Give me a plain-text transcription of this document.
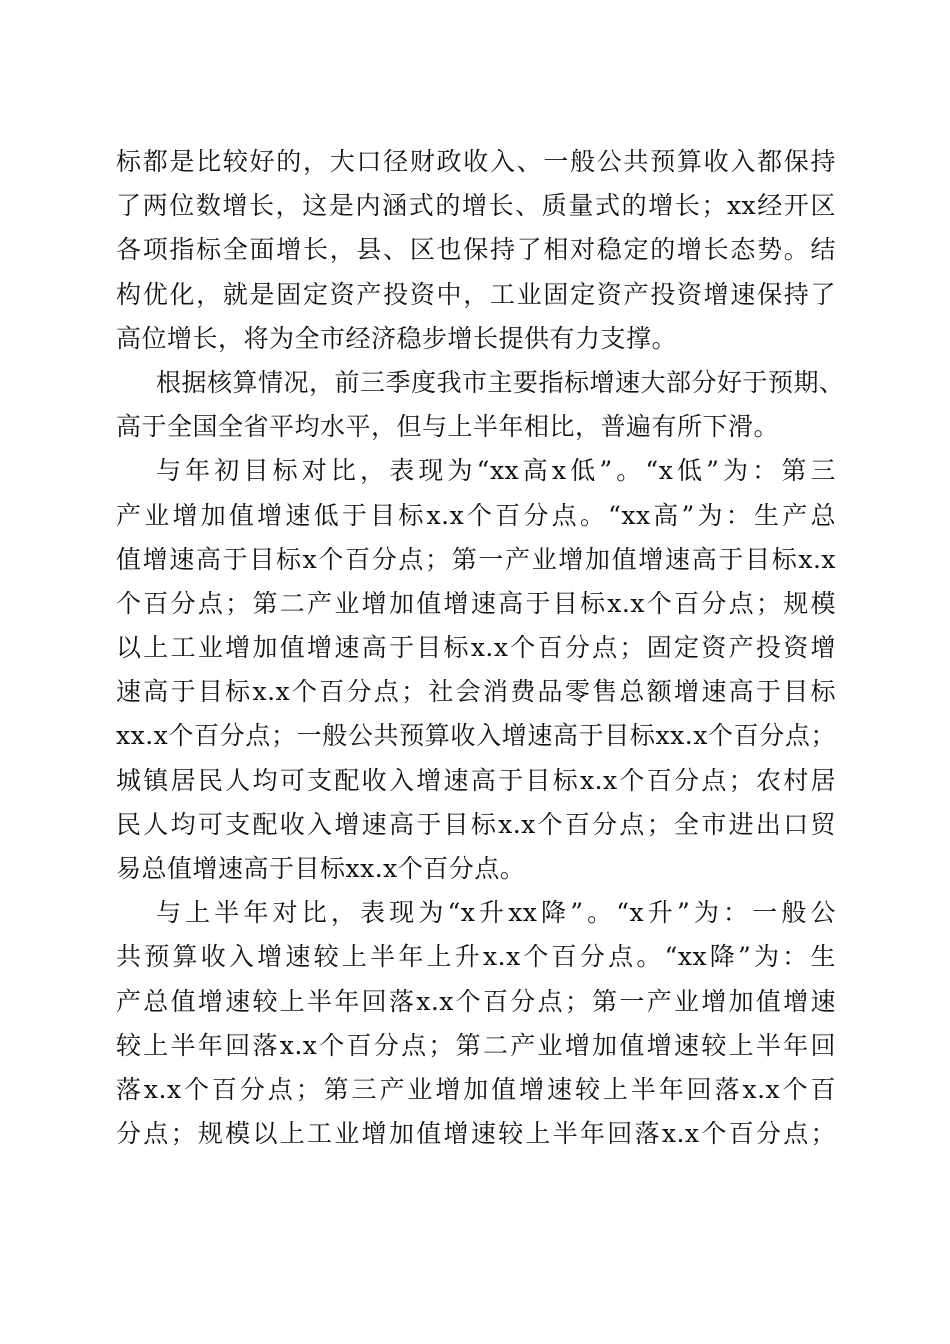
标都是比较好的，大口径财政收入、一般公共预算收入都保持
了两位数增长，这是内涵式的增长、质量式的增长；xx经开区
各项指标全面增长，县、区也保持了相对稳定的增长态势。结
构优化，就是固定资产投资中，工业固定资产投资增速保持了
高位增长，将为全市经济稳步增长提供有力支撑。
根据核算情况，前三季度我市主要指标增速大部分好于预期、
高于全国全省平均水平，但与上半年相比，普遍有所下滑。
与年初目标对比，表现为“xx高x低”。“x低”为：第三
产业增加值增速低于目标x.x个百分点。“xx高”为：生产总
值增速高于目标x个百分点；第一产业增加值增速高于目标x.x
个百分点；第二产业增加值增速高于目标x.x个百分点；规模
以上工业增加值增速高于目标x.x个百分点；固定资产投资增
速高于目标x.x个百分点；社会消费品零售总额增速高于目标
xx.x个百分点；一般公共预算收入增速高于目标xx.x个百分点；
城镇居民人均可支配收入增速高于目标x.x个百分点；农村居
民人均可支配收入增速高于目标x.x个百分点；全市进出口贸
易总值增速高于目标xx.x个百分点。
与上半年对比，表现为“x升xx降”。“x升”为：一般公
共预算收入增速较上半年上升x.x个百分点。“xx降”为：生
产总值增速较上半年回落x.x个百分点；第一产业增加值增速
较上半年回落x.x个百分点；第二产业增加值增速较上半年回
落x.x个百分点；第三产业增加值增速较上半年回落x.x个百
分点；规模以上工业增加值增速较上半年回落x.x个百分点；
